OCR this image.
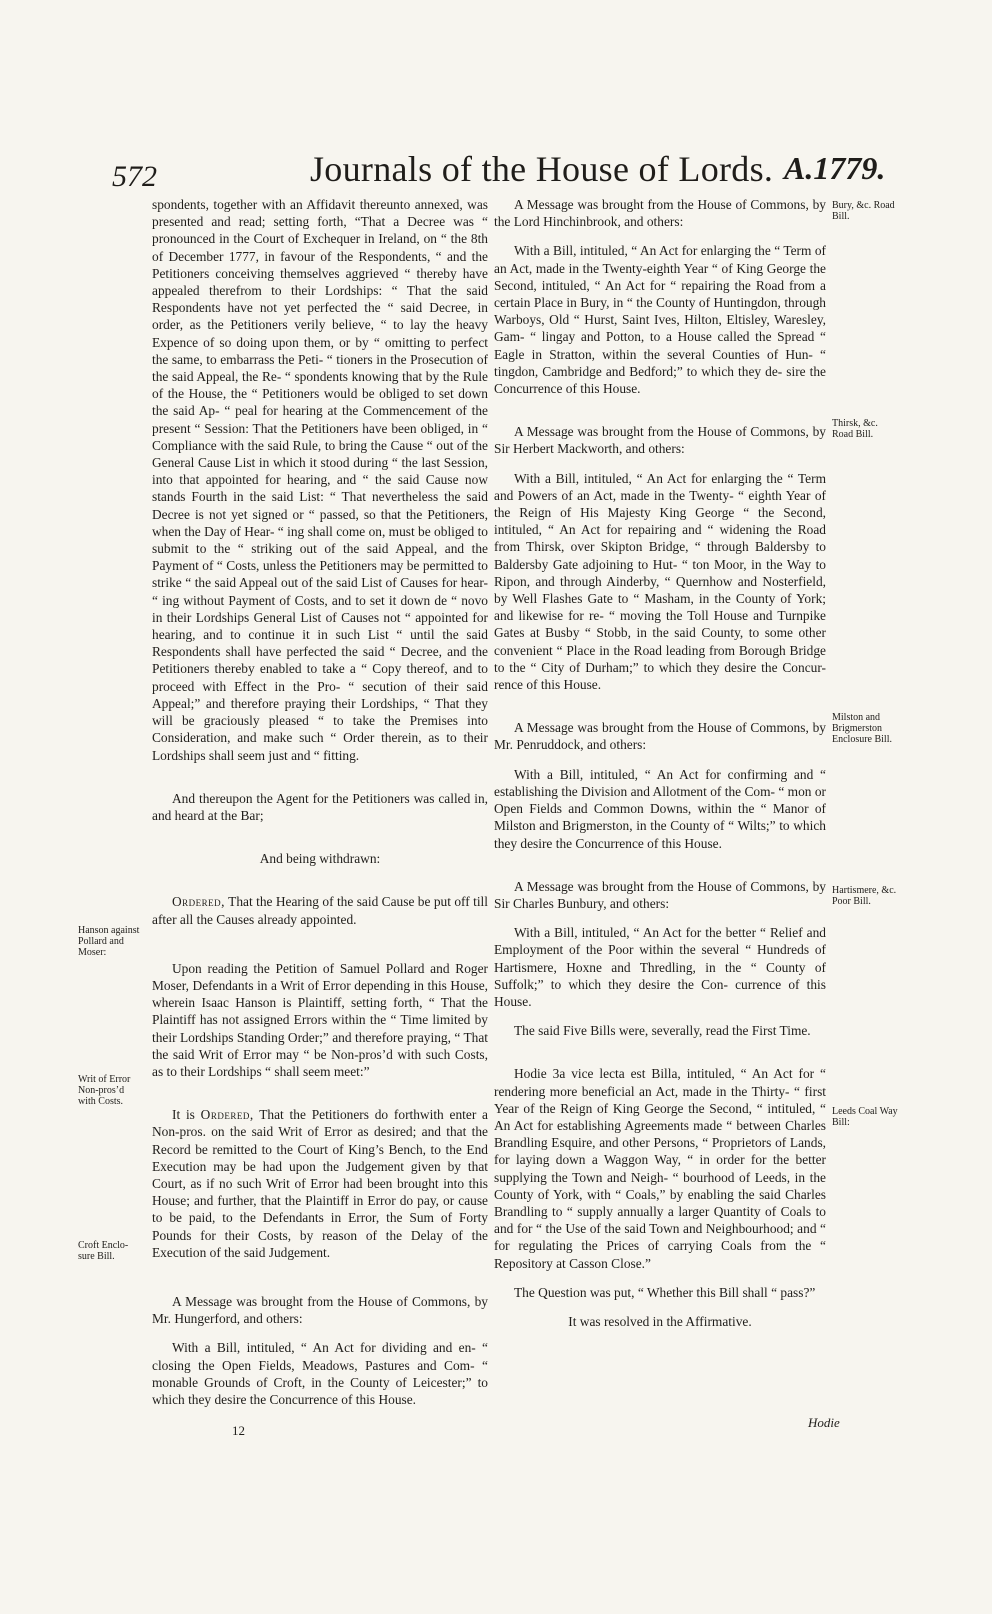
572	Journals of the House of Lords. A.1779.
Hanson against Pollard and Moser:
Writ of Error Non-pros’d with Costs.
Croft Enclo- sure Bill.

spondents, together with an Affidavit thereunto annexed, was presented and read; setting forth, “That a Decree was “ pronounced in the Court of Exchequer in Ireland, on “ the 8th of December 1777, in favour of the Respondents, “ and the Petitioners conceiving themselves aggrieved “ thereby have appealed therefrom to their Lordships: “ That the said Respondents have not yet perfected the “ said Decree, in order, as the Petitioners verily believe, “ to lay the heavy Expence of so doing upon them, or by “ omitting to perfect the same, to embarrass the Peti- “ tioners in the Prosecution of the said Appeal, the Re- “ spondents knowing that by the Rule of the House, the “ Petitioners would be obliged to set down the said Ap- “ peal for hearing at the Commencement of the present “ Session: That the Petitioners have been obliged, in “ Compliance with the said Rule, to bring the Cause “ out of the General Cause List in which it stood during “ the last Session, into that appointed for hearing, and “ the said Cause now stands Fourth in the said List: “ That nevertheless the said Decree is not yet signed or “ passed, so that the Petitioners, when the Day of Hear- “ ing shall come on, must be obliged to submit to the “ striking out of the said Appeal, and the Payment of “ Costs, unless the Petitioners may be permitted to strike “ the said Appeal out of the said List of Causes for hear- “ ing without Payment of Costs, and to set it down de “ novo in their Lordships General List of Causes not “ appointed for hearing, and to continue it in such List “ until the said Respondents shall have perfected the said “ Decree, and the Petitioners thereby enabled to take a “ Copy thereof, and to proceed with Effect in the Pro- “ secution of their said Appeal;” and therefore praying their Lordships, “ That they will be graciously pleased “ to take the Premises into Consideration, and make such “ Order therein, as to their Lordships shall seem just and “ fitting.

And thereupon the Agent for the Petitioners was called in, and heard at the Bar;

And being withdrawn:

Ordered, That the Hearing of the said Cause be put off till after all the Causes already appointed.

Upon reading the Petition of Samuel Pollard and Roger Moser, Defendants in a Writ of Error depending in this House, wherein Isaac Hanson is Plaintiff, setting forth, “ That the Plaintiff has not assigned Errors within the “ Time limited by their Lordships Standing Order;” and therefore praying, “ That the said Writ of Error may “ be Non-pros’d with such Costs, as to their Lordships “ shall seem meet:”

It is Ordered, That the Petitioners do forthwith enter a Non-pros. on the said Writ of Error as desired; and that the Record be remitted to the Court of King’s Bench, to the End Execution may be had upon the Judgement given by that Court, as if no such Writ of Error had been brought into this House; and further, that the Plaintiff in Error do pay, or cause to be paid, to the Defendants in Error, the Sum of Forty Pounds for their Costs, by reason of the Delay of the Execution of the said Judgement.

A Message was brought from the House of Commons, by Mr. Hungerford, and others:

With a Bill, intituled, “ An Act for dividing and en- “ closing the Open Fields, Meadows, Pastures and Com- “ monable Grounds of Croft, in the County of Leicester;” to which they desire the Concurrence of this House.

12
Bury, &c. Road Bill.
Thirsk, &c. Road Bill.
Milston and Brigmerston Enclosure Bill.
Hartismere, &c. Poor Bill.
Leeds Coal Way Bill:

A Message was brought from the House of Commons, by the Lord Hinchinbrook, and others:

With a Bill, intituled, “ An Act for enlarging the “ Term of an Act, made in the Twenty-eighth Year “ of King George the Second, intituled, “ An Act for “ repairing the Road from a certain Place in Bury, in “ the County of Huntingdon, through Warboys, Old “ Hurst, Saint Ives, Hilton, Eltisley, Waresley, Gam- “ lingay and Potton, to a House called the Spread “ Eagle in Stratton, within the several Counties of Hun- “ tingdon, Cambridge and Bedford;” to which they de- sire the Concurrence of this House.

A Message was brought from the House of Commons, by Sir Herbert Mackworth, and others:

With a Bill, intituled, “ An Act for enlarging the “ Term and Powers of an Act, made in the Twenty- “ eighth Year of the Reign of His Majesty King George “ the Second, intituled, “ An Act for repairing and “ widening the Road from Thirsk, over Skipton Bridge, “ through Baldersby to Baldersby Gate adjoining to Hut- “ ton Moor, in the Way to Ripon, and through Ainderby, “ Quernhow and Nosterfield, by Well Flashes Gate to “ Masham, in the County of York; and likewise for re- “ moving the Toll House and Turnpike Gates at Busby “ Stobb, in the said County, to some other convenient “ Place in the Road leading from Borough Bridge to the “ City of Durham;” to which they desire the Concur- rence of this House.

A Message was brought from the House of Commons, by Mr. Penruddock, and others:

With a Bill, intituled, “ An Act for confirming and “ establishing the Division and Allotment of the Com- “ mon or Open Fields and Common Downs, within the “ Manor of Milston and Brigmerston, in the County of “ Wilts;” to which they desire the Concurrence of this House.

A Message was brought from the House of Commons, by Sir Charles Bunbury, and others:

With a Bill, intituled, “ An Act for the better “ Relief and Employment of the Poor within the several “ Hundreds of Hartismere, Hoxne and Thredling, in the “ County of Suffolk;” to which they desire the Con- currence of this House.

The said Five Bills were, severally, read the First Time.

Hodie 3a vice lecta est Billa, intituled, “ An Act for “ rendering more beneficial an Act, made in the Thirty- “ first Year of the Reign of King George the Second, “ intituled, “ An Act for establishing Agreements made “ between Charles Brandling Esquire, and other Persons, “ Proprietors of Lands, for laying down a Waggon Way, “ in order for the better supplying the Town and Neigh- “ bourhood of Leeds, in the County of York, with “ Coals,” by enabling the said Charles Brandling to “ supply annually a larger Quantity of Coals to and for “ the Use of the said Town and Neighbourhood; and “ for regulating the Prices of carrying Coals from the “ Repository at Casson Close.”

The Question was put, “ Whether this Bill shall “ pass?”

It was resolved in the Affirmative.

Hodie
